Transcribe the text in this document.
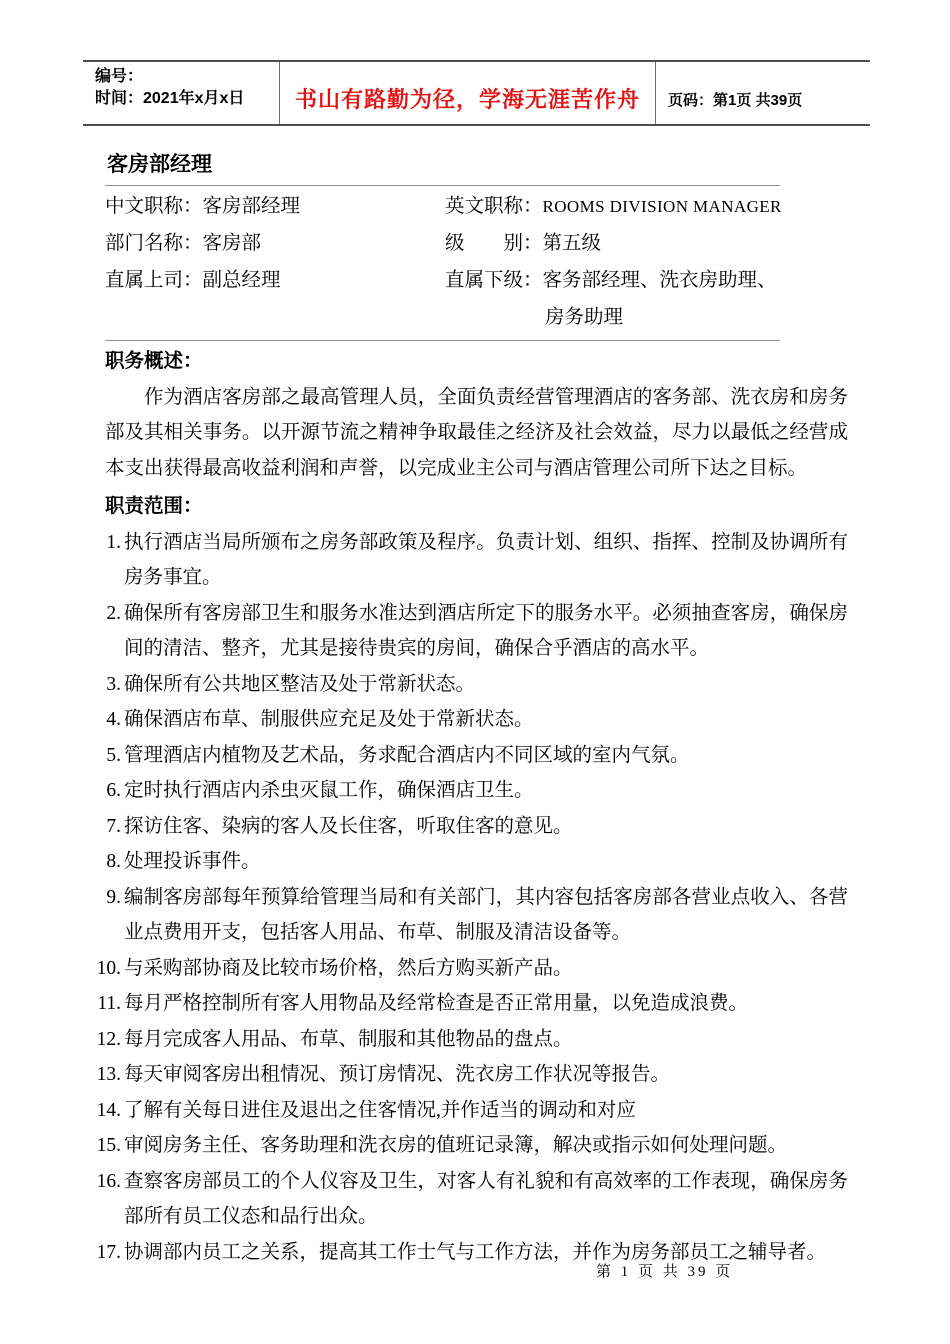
编号：
时间：2021年x月x日	书山有路勤为径，学海无涯苦作舟 页码：第1页 共39页
客房部经理
中文职称：客房部经理	英文职称：ROOMS DIVISION MANAGER
部门名称：客房部	级　　别：第五级
直属上司：副总经理	直属下级：客务部经理、洗衣房助理、
房务助理
职务概述：

作为酒店客房部之最高管理人员，全面负责经营管理酒店的客务部、洗衣房和房务部及其相关事务。以开源节流之精神争取最佳之经济及社会效益，尽力以最低之经营成本支出获得最高收益利润和声誉，以完成业主公司与酒店管理公司所下达之目标。

职责范围：
1. 执行酒店当局所颁布之房务部政策及程序。负责计划、组织、指挥、控制及协调所有房务事宜。
2. 确保所有客房部卫生和服务水准达到酒店所定下的服务水平。必须抽查客房，确保房间的清洁、整齐，尤其是接待贵宾的房间，确保合乎酒店的高水平。
3. 确保所有公共地区整洁及处于常新状态。
4. 确保酒店布草、制服供应充足及处于常新状态。
5. 管理酒店内植物及艺术品，务求配合酒店内不同区域的室内气氛。
6. 定时执行酒店内杀虫灭鼠工作，确保酒店卫生。
7. 探访住客、染病的客人及长住客，听取住客的意见。
8. 处理投诉事件。
9. 编制客房部每年预算给管理当局和有关部门，其内容包括客房部各营业点收入、各营业点费用开支，包括客人用品、布草、制服及清洁设备等。
10. 与采购部协商及比较市场价格，然后方购买新产品。
11. 每月严格控制所有客人用物品及经常检查是否正常用量，以免造成浪费。
12. 每月完成客人用品、布草、制服和其他物品的盘点。
13. 每天审阅客房出租情况、预订房情况、洗衣房工作状况等报告。
14. 了解有关每日进住及退出之住客情况,并作适当的调动和对应
15. 审阅房务主任、客务助理和洗衣房的值班记录簿，解决或指示如何处理问题。
16. 查察客房部员工的个人仪容及卫生，对客人有礼貌和有高效率的工作表现，确保房务部所有员工仪态和品行出众。
17. 协调部内员工之关系，提高其工作士气与工作方法，并作为房务部员工之辅导者。
第 1 页 共 39 页
